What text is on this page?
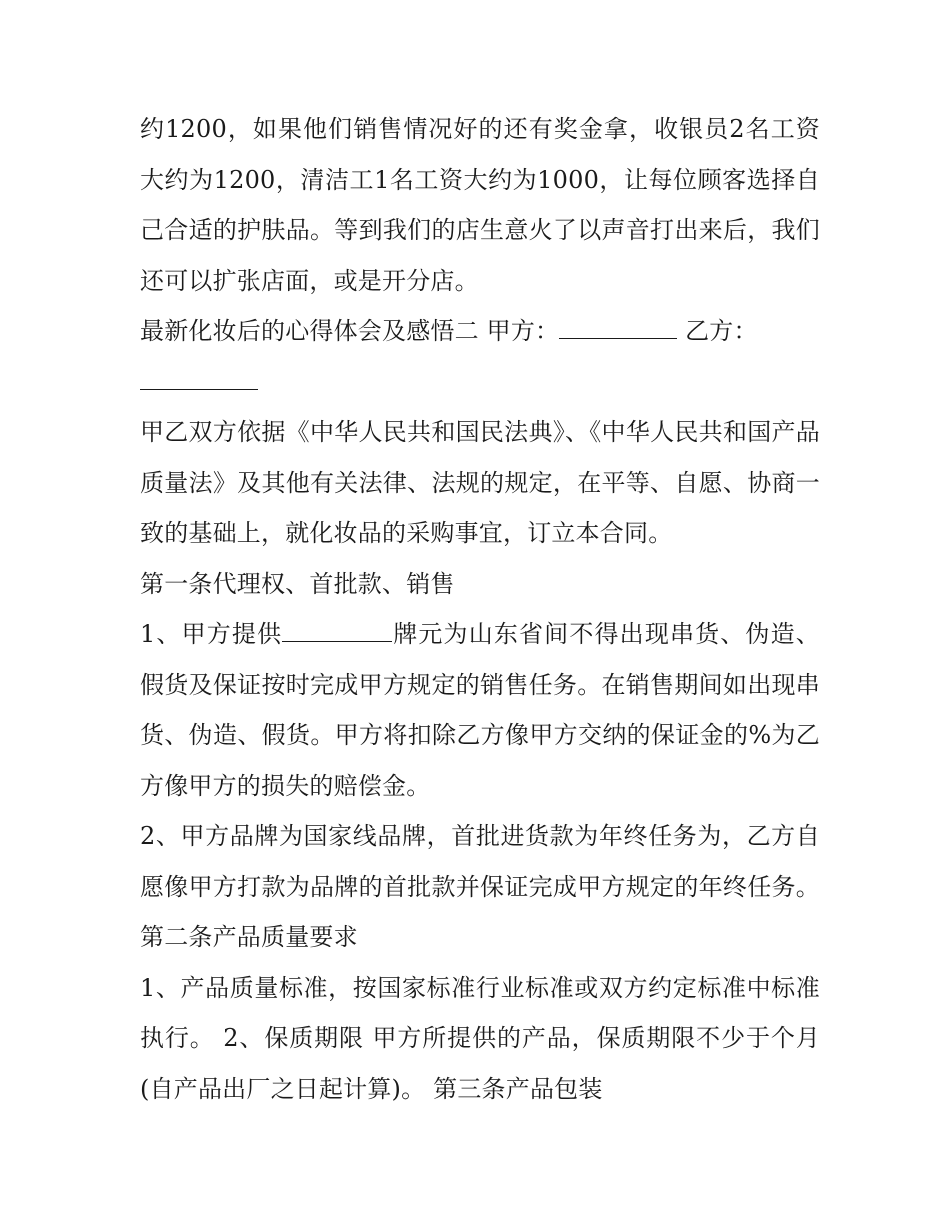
约1200，如果他们销售情况好的还有奖金拿，收银员2名工资大约为1200，清洁工1名工资大约为1000，让每位顾客选择自己合适的护肤品。等到我们的店生意火了以声音打出来后，我们还可以扩张店面，或是开分店。

最新化妆后的心得体会及感悟二 甲方：	乙方：

甲乙双方依据《中华人民共和国民法典》、《中华人民共和国产品质量法》及其他有关法律、法规的规定，在平等、自愿、协商一致的基础上，就化妆品的采购事宜，订立本合同。

第一条代理权、首批款、销售

1、甲方提供	牌元为山东省间不得出现串货、伪造、假货及保证按时完成甲方规定的销售任务。在销售期间如出现串货、伪造、假货。甲方将扣除乙方像甲方交纳的保证金的%为乙方像甲方的损失的赔偿金。

2、甲方品牌为国家线品牌，首批进货款为年终任务为，乙方自愿像甲方打款为品牌的首批款并保证完成甲方规定的年终任务。 第二条产品质量要求

1、产品质量标准，按国家标准行业标准或双方约定标准中标准执行。 2、保质期限 甲方所提供的产品，保质期限不少于个月(自产品出厂之日起计算)。 第三条产品包装
